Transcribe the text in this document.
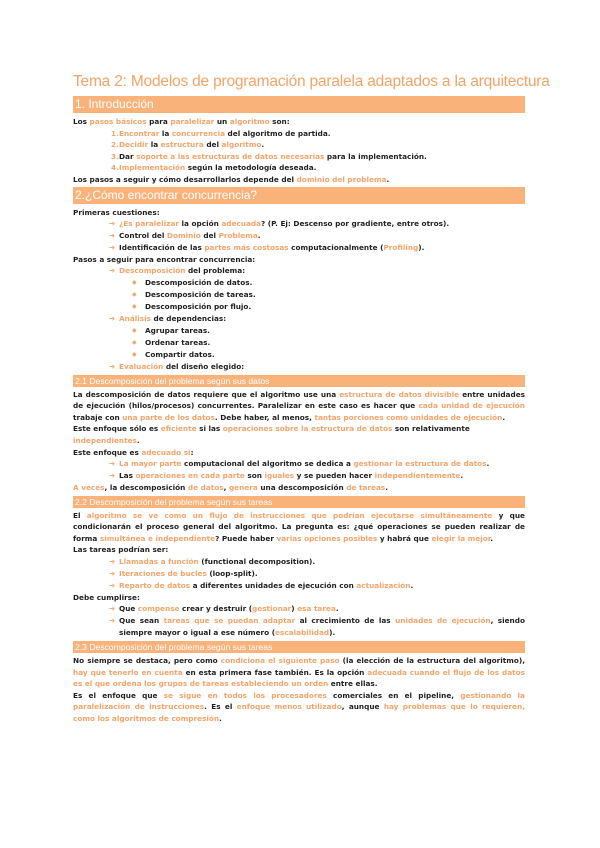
Tema 2: Modelos de programación paralela adaptados a la arquitectura
1. Introducción

Los pasos básicos para paralelizar un algoritmo son:

1. Encontrar la concurrencia del algoritmo de partida.
2. Decidir la estructura del algoritmo.
3. Dar soporte a las estructuras de datos necesarias para la implementación.
4. Implementación según la metodología deseada.

Los pasos a seguir y cómo desarrollarlos depende del dominio del problema.

2.¿Cómo encontrar concurrencia?

Primeras cuestiones:

➔ ¿Es paralelizar la opción adecuada? (P. Ej: Descenso por gradiente, entre otros).
➔ Control del Dominio del Problema.
➔ Identificación de las partes más costosas computacionalmente (Profiling).

Pasos a seguir para encontrar concurrencia:

➔ Descomposición del problema:
◆ Descomposición de datos.
◆ Descomposición de tareas.
◆ Descomposición por flujo.
➔ Análisis de dependencias:
◆ Agrupar tareas.
◆ Ordenar tareas.
◆ Compartir datos.
➔ Evaluación del diseño elegido:
2.1 Descomposición del problema según sus datos

La descomposición de datos requiere que el algoritmo use una estructura de datos divisible entre unidades de ejecución (hilos/procesos) concurrentes. Paralelizar en este caso es hacer que cada unidad de ejecución trabaje con una parte de los datos. Debe haber, al menos, tantas porciones como unidades de ejecución.

Este enfoque sólo es eficiente si las operaciones sobre la estructura de datos son relativamente independientes.

Este enfoque es adecuado si:

➔ La mayor parte computacional del algoritmo se dedica a gestionar la estructura de datos.
➔ Las operaciones en cada parte son iguales y se pueden hacer independientemente.

A veces, la descomposición de datos, genera una descomposición de tareas.

2.2 Descomposición del problema según sus tareas

El algoritmo se ve como un flujo de instrucciones que podrían ejecutarse simultáneamente y que condicionarán el proceso general del algoritmo. La pregunta es: ¿qué operaciones se pueden realizar de forma simultánea e independiente? Puede haber varias opciones posibles y habrá que elegir la mejor.

Las tareas podrían ser:

➔ Llamadas a función (functional decomposition).
➔ Iteraciones de bucles (loop-split).
➔ Reparto de datos a diferentes unidades de ejecución con actualización.

Debe cumplirse:

➔ Que compense crear y destruir (gestionar) esa tarea.
➔ Que sean tareas que se puedan adaptar al crecimiento de las unidades de ejecución, siendo siempre mayor o igual a ese número (escalabilidad).
2.3 Descomposición del problema según sus tareas

No siempre se destaca, pero como condiciona el siguiente paso (la elección de la estructura del algoritmo), hay que tenerlo en cuenta en esta primera fase también. Es la opción adecuada cuando el flujo de los datos es el que ordena los grupos de tareas estableciendo un orden entre ellas.

Es el enfoque que se sigue en todos los procesadores comerciales en el pipeline, gestionando la paralelización de instrucciones. Es el enfoque menos utilizado, aunque hay problemas que lo requieren, como los algoritmos de compresión.
